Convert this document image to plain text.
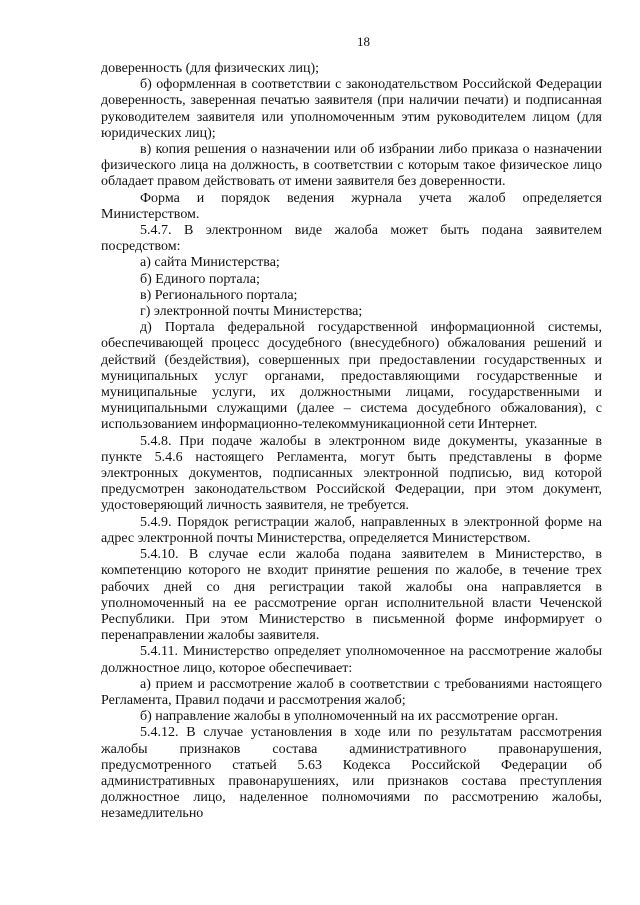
18

доверенность (для физических лиц);

б) оформленная в соответствии с законодательством Российской Федерации доверенность, заверенная печатью заявителя (при наличии печати) и подписанная руководителем заявителя или уполномоченным этим руководителем лицом (для юридических лиц);

в) копия решения о назначении или об избрании либо приказа о назначении физического лица на должность, в соответствии с которым такое физическое лицо обладает правом действовать от имени заявителя без доверенности.

Форма и порядок ведения журнала учета жалоб определяется Министерством.

5.4.7. В электронном виде жалоба может быть подана заявителем посредством:

а) сайта Министерства;

б) Единого портала;

в) Регионального портала;

г) электронной почты Министерства;

д) Портала федеральной государственной информационной системы, обеспечивающей процесс досудебного (внесудебного) обжалования решений и действий (бездействия), совершенных при предоставлении государственных и муниципальных услуг органами, предоставляющими государственные и муниципальные услуги, их должностными лицами, государственными и муниципальными служащими (далее – система досудебного обжалования), с использованием информационно-телекоммуникационной сети Интернет.

5.4.8. При подаче жалобы в электронном виде документы, указанные в пункте 5.4.6 настоящего Регламента, могут быть представлены в форме электронных документов, подписанных электронной подписью, вид которой предусмотрен законодательством Российской Федерации, при этом документ, удостоверяющий личность заявителя, не требуется.

5.4.9. Порядок регистрации жалоб, направленных в электронной форме на адрес электронной почты Министерства, определяется Министерством.

5.4.10. В случае если жалоба подана заявителем в Министерство, в компетенцию которого не входит принятие решения по жалобе, в течение трех рабочих дней со дня регистрации такой жалобы она направляется в уполномоченный на ее рассмотрение орган исполнительной власти Чеченской Республики. При этом Министерство в письменной форме информирует о перенаправлении жалобы заявителя.

5.4.11. Министерство определяет уполномоченное на рассмотрение жалобы должностное лицо, которое обеспечивает:

а) прием и рассмотрение жалоб в соответствии с требованиями настоящего Регламента, Правил подачи и рассмотрения жалоб;

б) направление жалобы в уполномоченный на их рассмотрение орган.

5.4.12. В случае установления в ходе или по результатам рассмотрения жалобы признаков состава административного правонарушения, предусмотренного статьей 5.63 Кодекса Российской Федерации об административных правонарушениях, или признаков состава преступления должностное лицо, наделенное полномочиями по рассмотрению жалобы, незамедлительно
